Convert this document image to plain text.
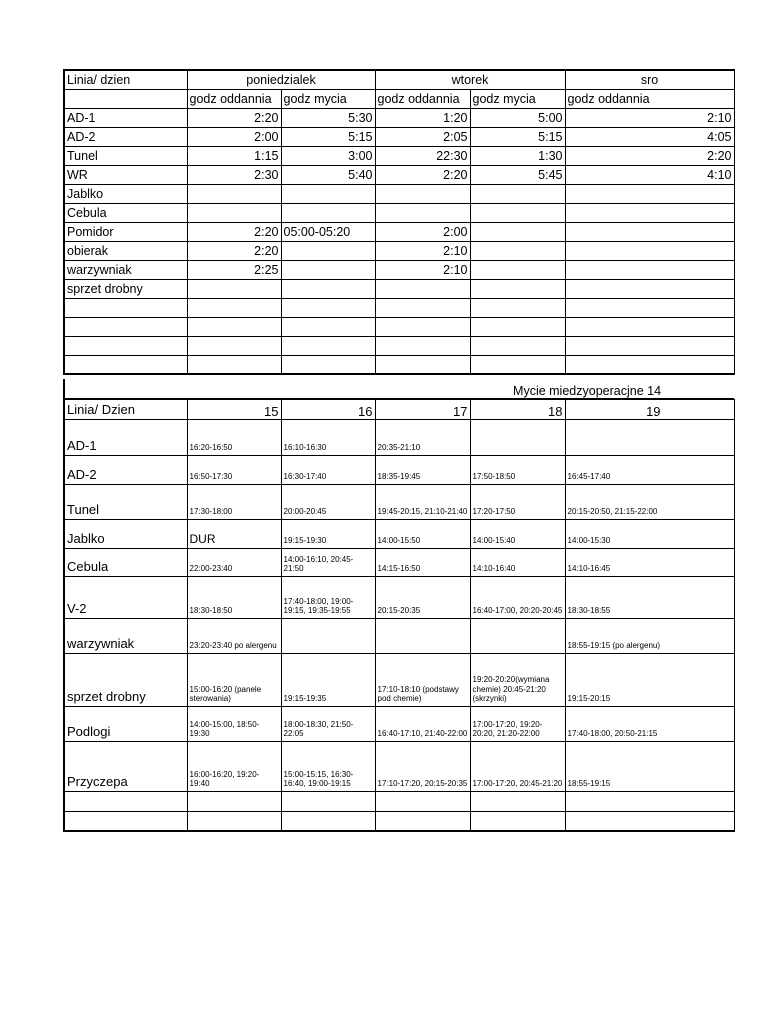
Linia/ dzien	poniedzialek		wtorek		sro	
	godz oddannia	godz mycia	godz oddannia	godz mycia	godz oddannia	
AD-1	2:20	5:30	1:20	5:00	2:10	
AD-2	2:00	5:15	2:05	5:15	4:05	
Tunel	1:15	3:00	22:30	1:30	2:20	
WR	2:30	5:40	2:20	5:45	4:10	
Jablko						
Cebula						
Pomidor	2:20	05:00-05:20	2:00			
obierak	2:20		2:10			
warzywniak	2:25		2:10			
sprzet drobny						

Mycie miedzyoperacjne 14						
Linia/ Dzien	15	16	17	18	19	
AD-1	16:20-16:50	16:10-16:30	20:35-21:10			
AD-2	16:50-17:30	16:30-17:40	18:35-19:45	17:50-18:50	16:45-17:40	
Tunel	17:30-18:00	20:00-20:45	19:45-20:15, 21:10-21:40	17:20-17:50	20:15-20:50, 21:15-22:00	
Jablko	DUR	19:15-19:30	14:00-15:50	14:00-15:40	14:00-15:30	
Cebula	22:00-23:40	14:00-16:10, 20:45-21:50	14:15-16:50	14:10-16:40	14:10-16:45	
V-2	18:30-18:50	17:40-18:00, 19:00-19:15, 19:35-19:55	20:15-20:35	16:40-17:00, 20:20-20:45	18:30-18:55	
warzywniak	23:20-23:40 po alergenu				18:55-19:15 (po alergenu)	
sprzet drobny	15:00-16:20 (panele sterowania)	19:15-19:35	17:10-18:10 (podstawy pod chemie)	19:20-20:20(wymiana chemie) 20:45-21:20 (skrzynki)	19:15-20:15	
Podlogi	14:00-15:00, 18:50-19:30	18:00-18:30, 21:50-22:05	16:40-17:10, 21:40-22:00	17:00-17:20, 19:20-20:20, 21:20-22:00	17:40-18:00, 20:50-21:15	
Przyczepa	16:00-16:20, 19:20-19:40	15:00-15:15, 16:30-16:40, 19:00-19:15	17:10-17:20, 20:15-20:35	17:00-17:20, 20:45-21:20	18:55-19:15	
